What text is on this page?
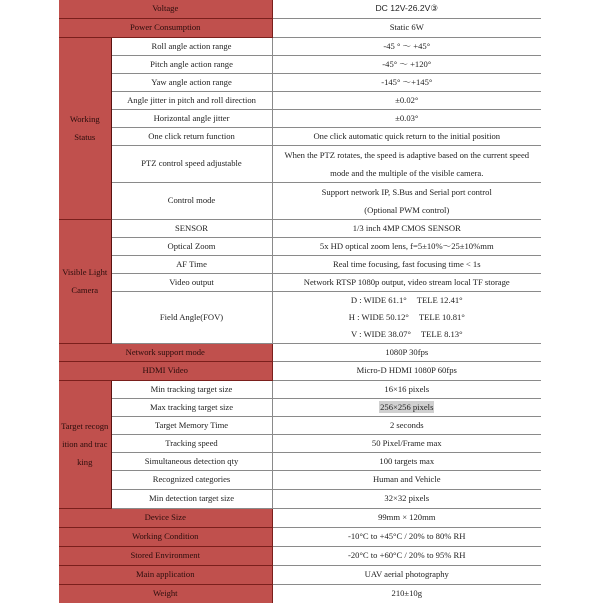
Voltage		DC 12V-26.2V③
Power Consumption		Static 6W
Working Status	Roll angle action range	-45 ° ～ +45°
	Pitch angle action range	-45° ～ +120°
	Yaw angle action range	-145° ～+145°
	Angle jitter in pitch and roll direction	±0.02°
	Horizontal angle jitter	±0.03°
	One click return function	One click automatic quick return to the initial position
	PTZ control speed adjustable	When the PTZ rotates, the speed is adaptive based on the current speed mode and the multiple of the visible camera.

	Control mode	Support network IP, S.Bus and Serial port control
(Optional PWM control)

Visible Light Camera	SENSOR	1/3 inch 4MP CMOS SENSOR
	Optical Zoom	5x HD optical zoom lens, f=5±10%～25±10%mm
	AF Time	Real time focusing, fast focusing time < 1s
	Video output	Network RTSP 1080p output, video stream local TF storage
	Field Angle(FOV)	D : WIDE 61.1° TELE 12.41°
H : WIDE 50.12° TELE 10.81°
V : WIDE 38.07° TELE 8.13°

Network support mode		1080P 30fps
HDMI Video		Micro-D HDMI 1080P 60fps
Target recognition and tracking	Min tracking target size	16×16 pixels
	Max tracking target size	256×256 pixels
	Target Memory Time	2 seconds
	Tracking speed	50 Pixel/Frame max
	Simultaneous detection qty	100 targets max
	Recognized categories	Human and Vehicle
	Min detection target size	32×32 pixels
Device Size		99mm × 120mm
Working Condition		-10°C to +45°C / 20% to 80% RH
Stored Environment		-20°C to +60°C / 20% to 95% RH
Main application		UAV aerial photography
Weight		210±10g
